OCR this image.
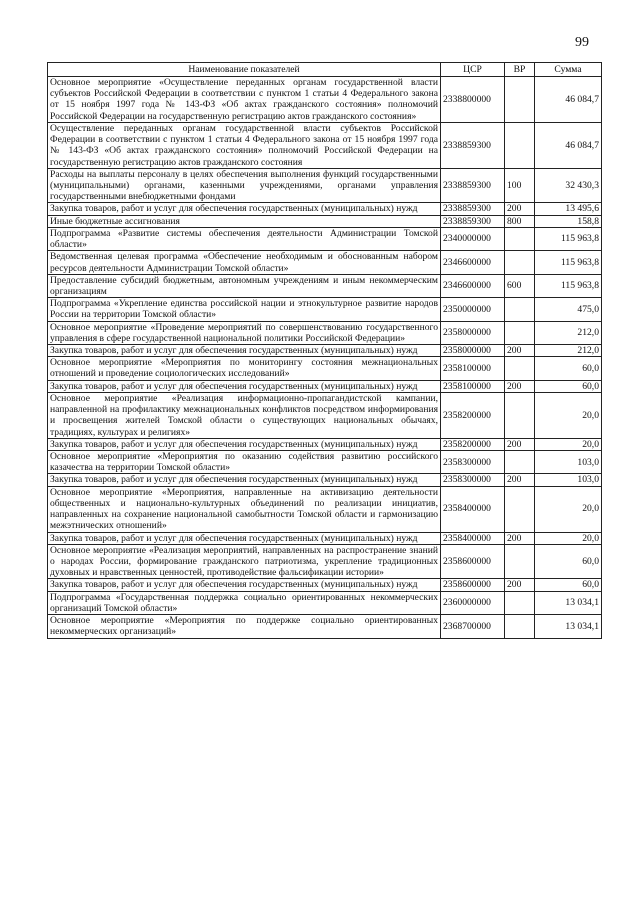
99
Наименование показателей	ЦСР	ВР	Сумма
Основное мероприятие «Осуществление переданных органам государственной власти субъектов Российской Федерации в соответствии с пунктом 1 статьи 4 Федерального закона от 15 ноября 1997 года № 143-ФЗ «Об актах гражданского состояния» полномочий Российской Федерации на государственную регистрацию актов гражданского состояния»	2338800000		46 084,7
Осуществление переданных органам государственной власти субъектов Российской Федерации в соответствии с пунктом 1 статьи 4 Федерального закона от 15 ноября 1997 года № 143-ФЗ «Об актах гражданского состояния» полномочий Российской Федерации на государственную регистрацию актов гражданского состояния	2338859300		46 084,7
Расходы на выплаты персоналу в целях обеспечения выполнения функций государственными (муниципальными) органами, казенными учреждениями, органами управления государственными внебюджетными фондами	2338859300	100	32 430,3
Закупка товаров, работ и услуг для обеспечения государственных (муниципальных) нужд	2338859300	200	13 495,6
Иные бюджетные ассигнования	2338859300	800	158,8
Подпрограмма «Развитие системы обеспечения деятельности Администрации Томской области»	2340000000		115 963,8
Ведомственная целевая программа «Обеспечение необходимым и обоснованным набором ресурсов деятельности Администрации Томской области»	2346600000		115 963,8
Предоставление субсидий бюджетным, автономным учреждениям и иным некоммерческим организациям	2346600000	600	115 963,8
Подпрограмма «Укрепление единства российской нации и этнокультурное развитие народов России на территории Томской области»	2350000000		475,0
Основное мероприятие «Проведение мероприятий по совершенствованию государственного управления в сфере государственной национальной политики Российской Федерации»	2358000000		212,0
Закупка товаров, работ и услуг для обеспечения государственных (муниципальных) нужд	2358000000	200	212,0
Основное мероприятие «Мероприятия по мониторингу состояния межнациональных отношений и проведение социологических исследований»	2358100000		60,0
Закупка товаров, работ и услуг для обеспечения государственных (муниципальных) нужд	2358100000	200	60,0
Основное мероприятие «Реализация информационно-пропагандистской кампании, направленной на профилактику межнациональных конфликтов посредством информирования и просвещения жителей Томской области о существующих национальных обычаях, традициях, культурах и религиях»	2358200000		20,0
Закупка товаров, работ и услуг для обеспечения государственных (муниципальных) нужд	2358200000	200	20,0
Основное мероприятие «Мероприятия по оказанию содействия развитию российского казачества на территории Томской области»	2358300000		103,0
Закупка товаров, работ и услуг для обеспечения государственных (муниципальных) нужд	2358300000	200	103,0
Основное мероприятие «Мероприятия, направленные на активизацию деятельности общественных и национально-культурных объединений по реализации инициатив, направленных на сохранение национальной самобытности Томской области и гармонизацию межэтнических отношений»	2358400000		20,0
Закупка товаров, работ и услуг для обеспечения государственных (муниципальных) нужд	2358400000	200	20,0
Основное мероприятие «Реализация мероприятий, направленных на распространение знаний о народах России, формирование гражданского патриотизма, укрепление традиционных духовных и нравственных ценностей, противодействие фальсификации истории»	2358600000		60,0
Закупка товаров, работ и услуг для обеспечения государственных (муниципальных) нужд	2358600000	200	60,0
Подпрограмма «Государственная поддержка социально ориентированных некоммерческих организаций Томской области»	2360000000		13 034,1
Основное мероприятие «Мероприятия по поддержке социально ориентированных некоммерческих организаций»	2368700000		13 034,1
